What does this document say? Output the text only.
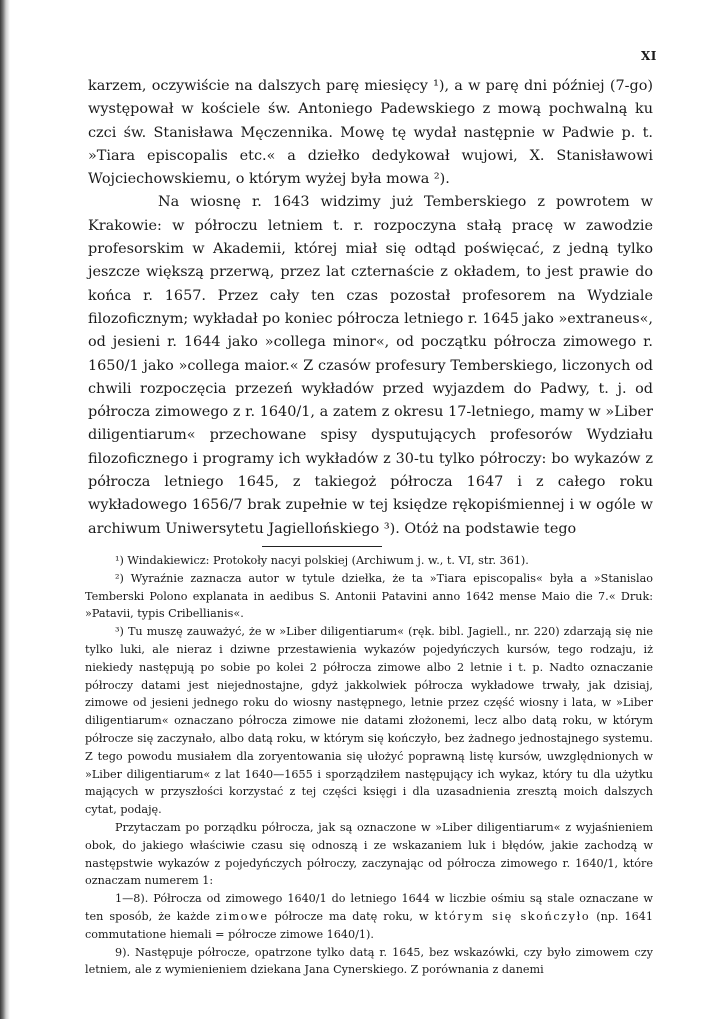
XI

karzem, oczywiście na dalszych parę miesięcy ¹), a w parę dni później (7-go) występował w kościele św. Antoniego Padewskiego z mową pochwalną ku czci św. Stanisława Męczennika. Mowę tę wydał następnie w Padwie p. t. »Tiara episcopalis etc.« a dziełko dedykował wujowi, X. Stanisławowi Wojciechowskiemu, o którym wyżej była mowa ²).

Na wiosnę r. 1643 widzimy już Temberskiego z powrotem w Krakowie: w półroczu letniem t. r. rozpoczyna stałą pracę w zawodzie profesorskim w Akademii, której miał się odtąd poświęcać, z jedną tylko jeszcze większą przerwą, przez lat czternaście z okładem, to jest prawie do końca r. 1657. Przez cały ten czas pozostał profesorem na Wydziale filozoficznym; wykładał po koniec półrocza letniego r. 1645 jako »extraneus«, od jesieni r. 1644 jako »collega minor«, od początku półrocza zimowego r. 1650/1 jako »collega maior.« Z czasów profesury Temberskiego, liczonych od chwili rozpoczęcia przezeń wykładów przed wyjazdem do Padwy, t. j. od półrocza zimowego z r. 1640/1, a zatem z okresu 17-letniego, mamy w »Liber diligentiarum« przechowane spisy dysputujących profesorów Wydziału filozoficznego i programy ich wykładów z 30-tu tylko półroczy: bo wykazów z półrocza letniego 1645, z takiegoż półrocza 1647 i z całego roku wykładowego 1656/7 brak zupełnie w tej księdze rękopiśmiennej i w ogóle w archiwum Uniwersytetu Jagiellońskiego ³). Otóż na podstawie tego

¹) Windakiewicz: Protokoły nacyi polskiej (Archiwum j. w., t. VI, str. 361).

²) Wyraźnie zaznacza autor w tytule dziełka, że ta »Tiara episcopalis« była a »Stanislao Temberski Polono explanata in aedibus S. Antonii Patavini anno 1642 mense Maio die 7.« Druk: »Patavii, typis Cribellianis«.

³) Tu muszę zauważyć, że w »Liber diligentiarum« (ręk. bibl. Jagiell., nr. 220) zdarzają się nie tylko luki, ale nieraz i dziwne przestawienia wykazów pojedyńczych kursów, tego rodzaju, iż niekiedy następują po sobie po kolei 2 półrocza zimowe albo 2 letnie i t. p. Nadto oznaczanie półroczy datami jest niejednostajne, gdyż jakkolwiek półrocza wykładowe trwały, jak dzisiaj, zimowe od jesieni jednego roku do wiosny następnego, letnie przez część wiosny i lata, w »Liber diligentiarum« oznaczano półrocza zimowe nie datami złożonemi, lecz albo datą roku, w którym półrocze się zaczynało, albo datą roku, w którym się kończyło, bez żadnego jednostajnego systemu. Z tego powodu musiałem dla zoryentowania się ułożyć poprawną listę kursów, uwzględnionych w »Liber diligentiarum« z lat 1640—1655 i sporządziłem następujący ich wykaz, który tu dla użytku mających w przyszłości korzystać z tej części księgi i dla uzasadnienia zresztą moich dalszych cytat, podaję.

Przytaczam po porządku półrocza, jak są oznaczone w »Liber diligentiarum« z wyjaśnieniem obok, do jakiego właściwie czasu się odnoszą i ze wskazaniem luk i błędów, jakie zachodzą w następstwie wykazów z pojedyńczych półroczy, zaczynając od półrocza zimowego r. 1640/1, które oznaczam numerem 1:

1—8). Półrocza od zimowego 1640/1 do letniego 1644 w liczbie ośmiu są stale oznaczane w ten sposób, że każde zimowe półrocze ma datę roku, w którym się skończyło (np. 1641 commutatione hiemali = półrocze zimowe 1640/1).

9). Następuje półrocze, opatrzone tylko datą r. 1645, bez wskazówki, czy było zimowem czy letniem, ale z wymienieniem dziekana Jana Cynerskiego. Z porównania z danemi
